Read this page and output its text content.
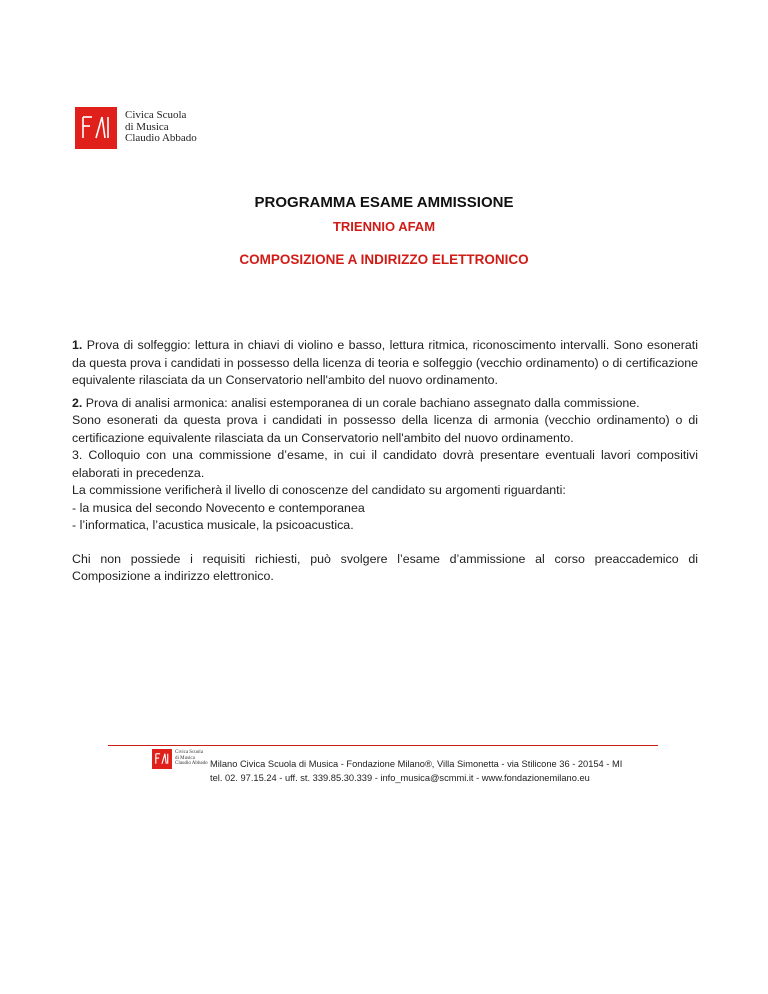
Civica Scuola
di Musica
Claudio Abbado
PROGRAMMA ESAME AMMISSIONE
TRIENNIO AFAM
COMPOSIZIONE A INDIRIZZO ELETTRONICO

1. Prova di solfeggio: lettura in chiavi di violino e basso, lettura ritmica, riconoscimento intervalli. Sono esonerati da questa prova i candidati in possesso della licenza di teoria e solfeggio (vecchio ordinamento) o di certificazione equivalente rilasciata da un Conservatorio nell'ambito del nuovo ordinamento.

2. Prova di analisi armonica: analisi estemporanea di un corale bachiano assegnato dalla commissione.

Sono esonerati da questa prova i candidati in possesso della licenza di armonia (vecchio ordinamento) o di certificazione equivalente rilasciata da un Conservatorio nell'ambito del nuovo ordinamento.

3. Colloquio con una commissione d’esame, in cui il candidato dovrà presentare eventuali lavori compositivi elaborati in precedenza.

La commissione verificherà il livello di conoscenze del candidato su argomenti riguardanti:

- la musica del secondo Novecento e contemporanea

- l’informatica, l’acustica musicale, la psicoacustica.

Chi non possiede i requisiti richiesti, può svolgere l’esame d’ammissione al corso preaccademico di Composizione a indirizzo elettronico.

Civica Scuola
di Musica
Claudio Abbado Milano Civica Scuola di Musica - Fondazione Milano®, Villa Simonetta - via Stilicone 36 - 20154 - MI
tel. 02. 97.15.24 - uff. st. 339.85.30.339 - info_musica@scmmi.it - www.fondazionemilano.eu
